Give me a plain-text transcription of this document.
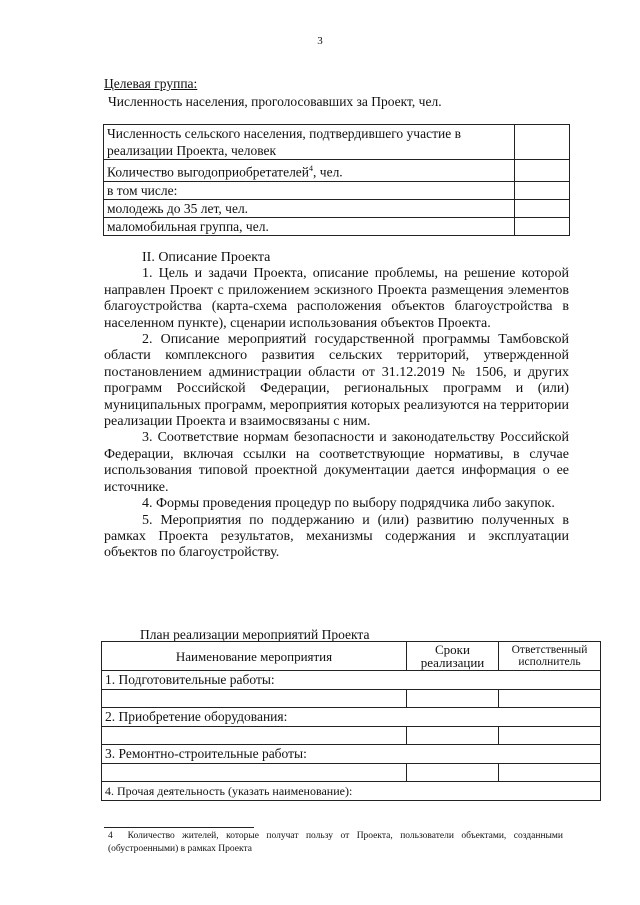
3
Целевая группа:
Численность населения, проголосовавших за Проект, чел.
Численность сельского населения, подтвердившего участие в реализации Проекта, человек	
Количество выгодоприобретателей$^4$, чел.	
в том числе:	
молодежь до 35 лет, чел.	
маломобильная группа, чел.	

II. Описание Проекта

1. Цель и задачи Проекта, описание проблемы, на решение которой направлен Проект с приложением эскизного Проекта размещения элементов благоустройства (карта-схема расположения объектов благоустройства в населенном пункте), сценарии использования объектов Проекта.

2. Описание мероприятий государственной программы Тамбовской области комплексного развития сельских территорий, утвержденной постановлением администрации области от 31.12.2019 № 1506, и других программ Российской Федерации, региональных программ и (или) муниципальных программ, мероприятия которых реализуются на территории реализации Проекта и взаимосвязаны с ним.

3. Соответствие нормам безопасности и законодательству Российской Федерации, включая ссылки на соответствующие нормативы, в случае использования типовой проектной документации дается информация о ее источнике.

4. Формы проведения процедур по выбору подрядчика либо закупок.

5. Мероприятия по поддержанию и (или) развитию полученных в рамках Проекта результатов, механизмы содержания и эксплуатации объектов по благоустройству.

План реализации мероприятий Проекта
Наименование мероприятия	Сроки реализации	Ответственный исполнитель
1. Подготовительные работы:		

2. Приобретение оборудования:		

3. Ремонтно-строительные работы:		

4. Прочая деятельность (указать наименование):		
4 Количество жителей, которые получат пользу от Проекта, пользователи объектами, созданными (обустроенными) в рамках Проекта
